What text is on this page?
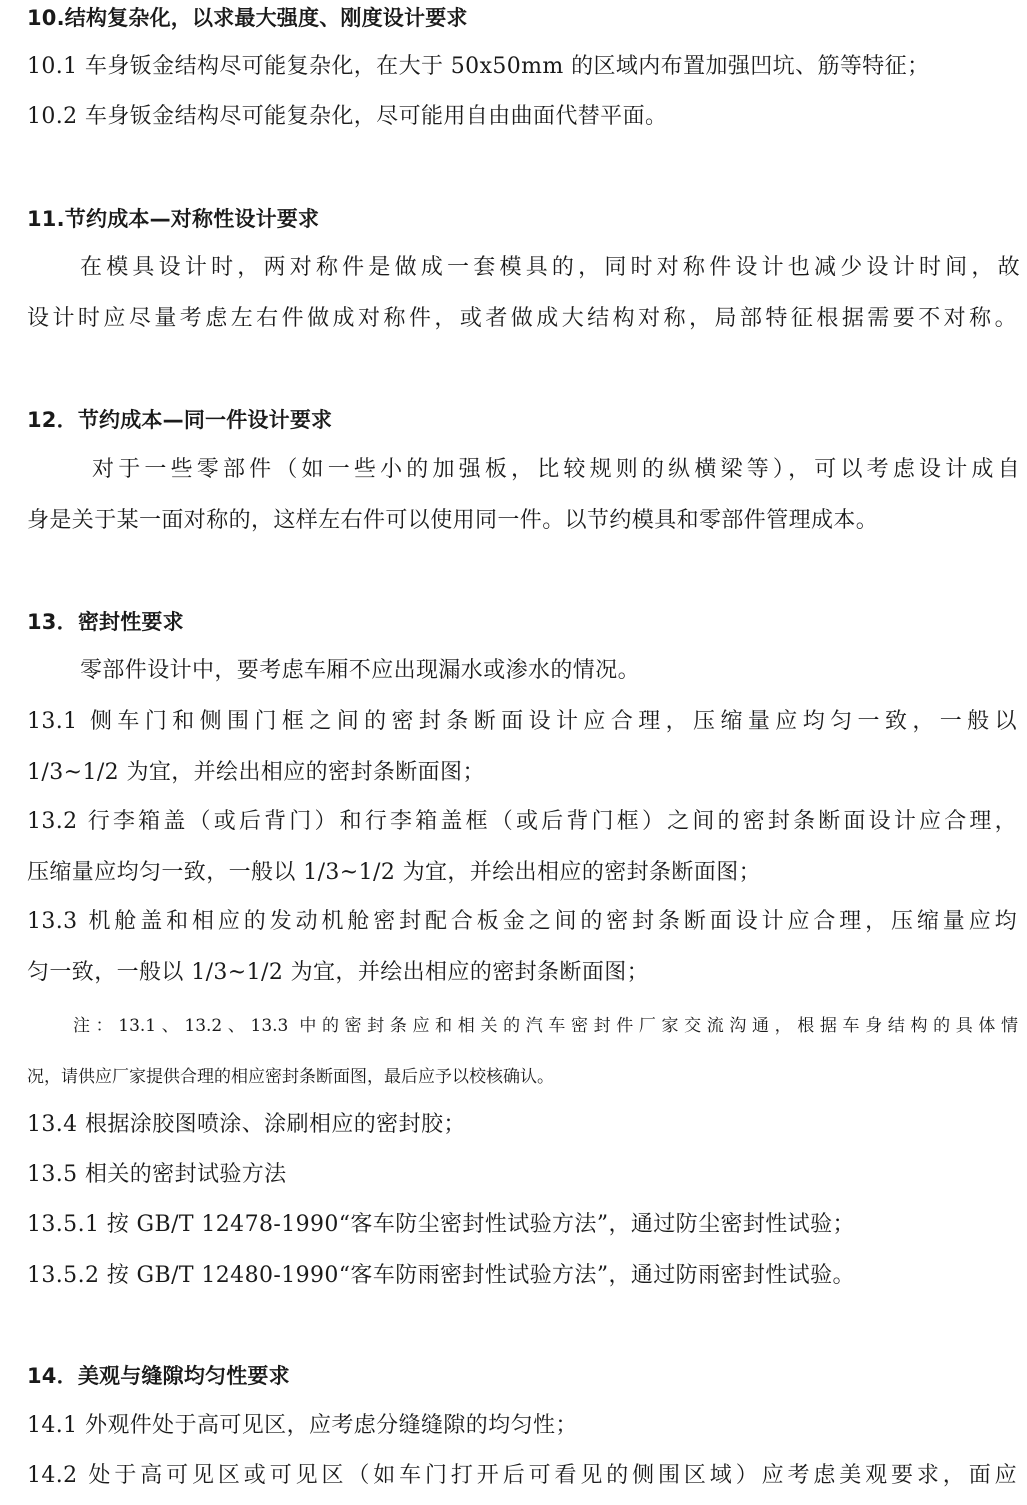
10.结构复杂化，以求最大强度、刚度设计要求
10.1 车身钣金结构尽可能复杂化，在大于 50x50mm 的区域内布置加强凹坑、筋等特征；
10.2 车身钣金结构尽可能复杂化，尽可能用自由曲面代替平面。
11.节约成本—对称性设计要求
在模具设计时，两对称件是做成一套模具的，同时对称件设计也减少设计时间，故
设计时应尽量考虑左右件做成对称件，或者做成大结构对称，局部特征根据需要不对称。
12．节约成本—同一件设计要求
对于一些零部件（如一些小的加强板，比较规则的纵横梁等），可以考虑设计成自
身是关于某一面对称的，这样左右件可以使用同一件。以节约模具和零部件管理成本。
13．密封性要求
零部件设计中，要考虑车厢不应出现漏水或渗水的情况。
13.1 侧车门和侧围门框之间的密封条断面设计应合理，压缩量应均匀一致，一般以
1/3~1/2 为宜，并绘出相应的密封条断面图；
13.2 行李箱盖（或后背门）和行李箱盖框（或后背门框）之间的密封条断面设计应合理，
压缩量应均匀一致，一般以 1/3~1/2 为宜，并绘出相应的密封条断面图；
13.3 机舱盖和相应的发动机舱密封配合板金之间的密封条断面设计应合理，压缩量应均
匀一致，一般以 1/3~1/2 为宜，并绘出相应的密封条断面图；
注：13.1、13.2、13.3 中的密封条应和相关的汽车密封件厂家交流沟通，根据车身结构的具体情
况，请供应厂家提供合理的相应密封条断面图，最后应予以校核确认。
13.4 根据涂胶图喷涂、涂刷相应的密封胶；
13.5 相关的密封试验方法
13.5.1 按 GB/T 12478-1990“客车防尘密封性试验方法”，通过防尘密封性试验；
13.5.2 按 GB/T 12480-1990“客车防雨密封性试验方法”，通过防雨密封性试验。
14．美观与缝隙均匀性要求
14.1 外观件处于高可见区，应考虑分缝缝隙的均匀性；
14.2 处于高可见区或可见区（如车门打开后可看见的侧围区域）应考虑美观要求，面应
